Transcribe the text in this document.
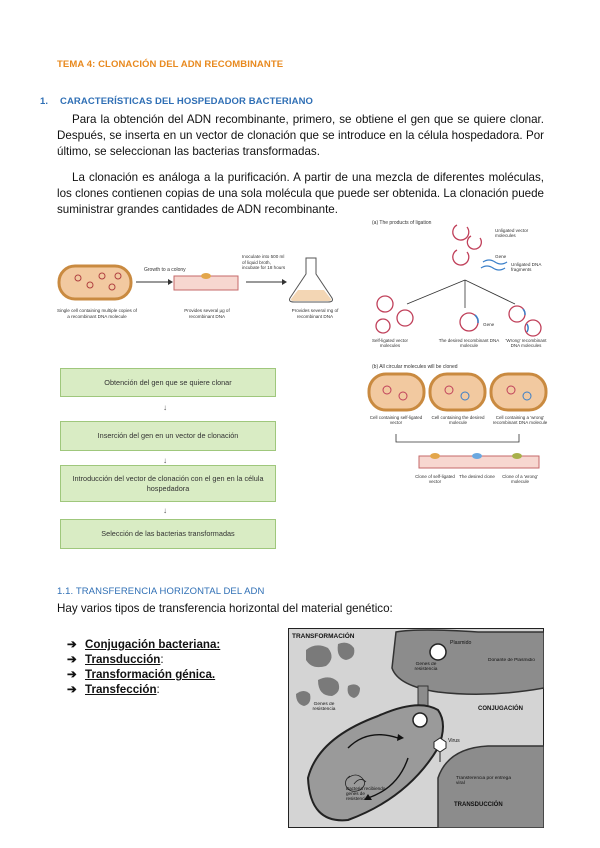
TEMA 4: CLONACIÓN DEL ADN RECOMBINANTE
1. CARACTERÍSTICAS DEL HOSPEDADOR BACTERIANO

Para la obtención del ADN recombinante, primero, se obtiene el gen que se quiere clonar. Después, se inserta en un vector de clonación que se introduce en la célula hospedadora. Por último, se seleccionan las bacterias transformadas.

La clonación es análoga a la purificación. A partir de una mezcla de diferentes moléculas, los clones contienen copias de una sola molécula que puede ser obtenida. La clonación puede suministrar grandes cantidades de ADN recombinante.

Growth to a colony
Inoculate into 500 ml of liquid broth, incubate for 18 hours
Single cell containing multiple copies of a recombinant DNA molecule
Provides several μg of recombinant DNA
Provides several mg of recombinant DNA
Obtención del gen que se quiere clonar
↓
Inserción del gen en un vector de clonación
↓
Introducción del vector de clonación con el gen en la célula hospedadora
↓
Selección de las bacterias transformadas
(a) The products of ligation
Unligated vector molecules
Gene
Unligated DNA fragments
Gene
Self-ligated vector molecules
The desired recombinant DNA molecule
'Wrong' recombinant DNA molecules
(b) All circular molecules will be cloned
Cell containing self-ligated vector
Cell containing the desired molecule
Cell containing a 'wrong' recombinant DNA molecule
Clone of self-ligated vector
The desired clone	Clone of a 'wrong' molecule
1.1. TRANSFERENCIA HORIZONTAL DEL ADN
Hay varios tipos de transferencia horizontal del material genético:
➔ Conjugación bacteriana:
➔ Transducción:
➔ Transformación génica.
➔ Transfección:
TRANSFORMACIÓN
Plasmido
Genes de resistencia
Donante de Plasmidio
CONJUGACIÓN
Genes de resistencia
Bacteria recibiendo genes de resistencia
Virus
Transferencia por entrega viral
TRANSDUCCIÓN
